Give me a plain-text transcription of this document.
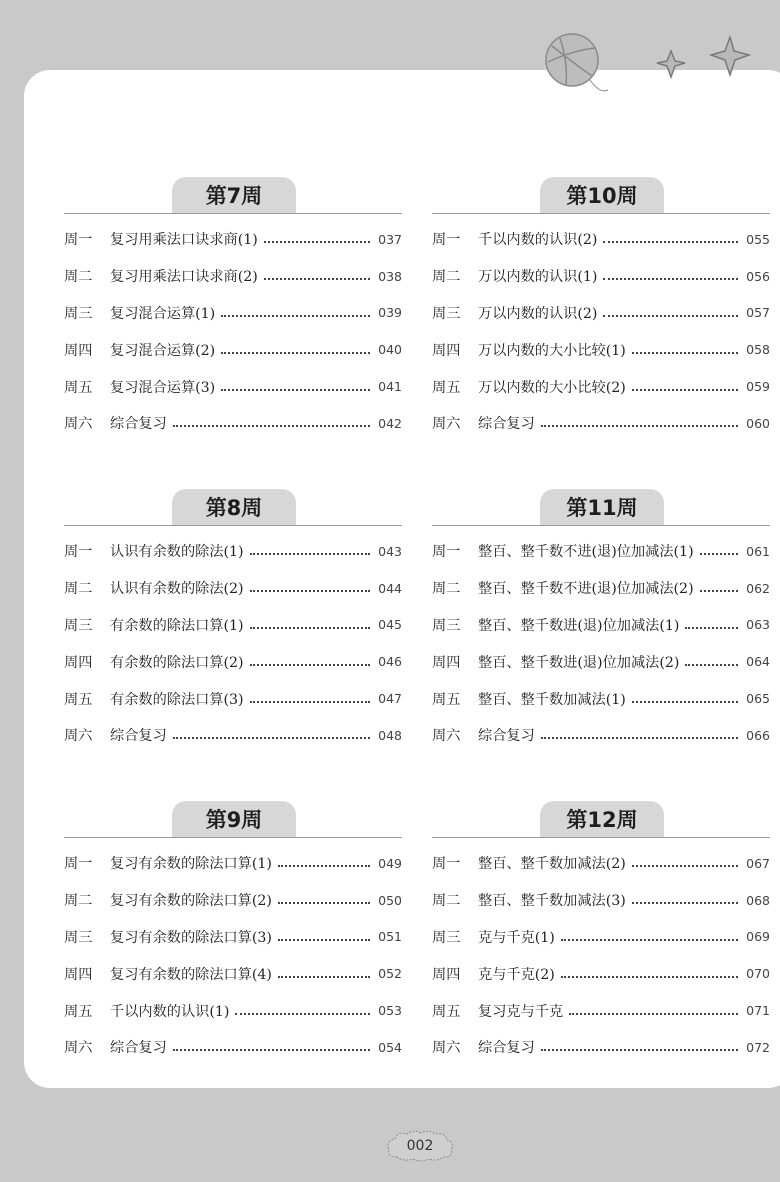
第7周
周一	复习用乘法口诀求商(1)	037
周二	复习用乘法口诀求商(2)	038
周三	复习混合运算(1)	039
周四	复习混合运算(2)	040
周五	复习混合运算(3)	041
周六	综合复习	042
第10周
周一	千以内数的认识(2)	055
周二	万以内数的认识(1)	056
周三	万以内数的认识(2)	057
周四	万以内数的大小比较(1)	058
周五	万以内数的大小比较(2)	059
周六	综合复习	060
第8周
周一	认识有余数的除法(1)	043
周二	认识有余数的除法(2)	044
周三	有余数的除法口算(1)	045
周四	有余数的除法口算(2)	046
周五	有余数的除法口算(3)	047
周六	综合复习	048
第11周
周一	整百、整千数不进(退)位加减法(1)	061
周二	整百、整千数不进(退)位加减法(2)	062
周三	整百、整千数进(退)位加减法(1)	063
周四	整百、整千数进(退)位加减法(2)	064
周五	整百、整千数加减法(1)	065
周六	综合复习	066
第9周
周一	复习有余数的除法口算(1)	049
周二	复习有余数的除法口算(2)	050
周三	复习有余数的除法口算(3)	051
周四	复习有余数的除法口算(4)	052
周五	千以内数的认识(1)	053
周六	综合复习	054
第12周
周一	整百、整千数加减法(2)	067
周二	整百、整千数加减法(3)	068
周三	克与千克(1)	069
周四	克与千克(2)	070
周五	复习克与千克	071
周六	综合复习	072
002
